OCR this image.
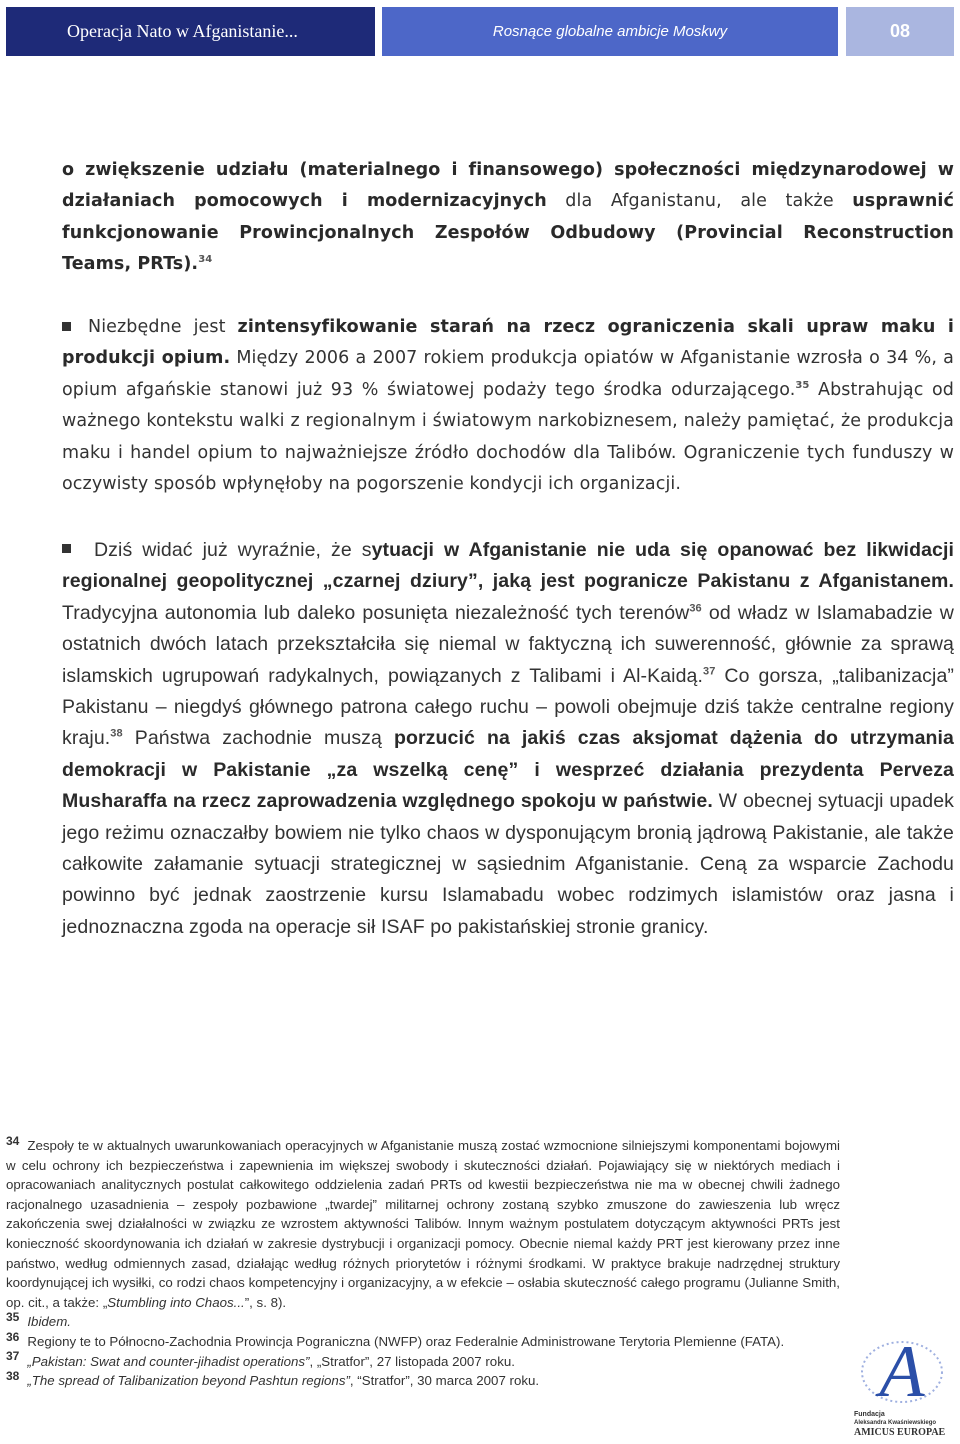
Operacja Nato w Afganistanie...	Rosnące globalne ambicje Moskwy	08

o zwiększenie udziału (materialnego i finansowego) społeczności międzynarodowej w działaniach pomocowych i modernizacyjnych dla Afganistanu, ale także usprawnić funkcjonowanie Prowincjonalnych Zespołów Odbudowy (Provincial Reconstruction Teams, PRTs).$^{34}$

Niezbędne jest zintensyfikowanie starań na rzecz ograniczenia skali upraw maku i produkcji opium. Między 2006 a 2007 rokiem produkcja opiatów w Afganistanie wzrosła o 34 %, a opium afgańskie stanowi już 93 % światowej podaży tego środka odurzającego.$^{35}$ Abstrahując od ważnego kontekstu walki z regionalnym i światowym narkobiznesem, należy pamiętać, że produkcja maku i handel opium to najważniejsze źródło dochodów dla Talibów. Ograniczenie tych funduszy w oczywisty sposób wpłynęłoby na pogorszenie kondycji ich organizacji.

Dziś widać już wyraźnie, że sytuacji w Afganistanie nie uda się opanować bez likwidacji regionalnej geopolitycznej „czarnej dziury”, jaką jest pogranicze Pakistanu z Afganistanem. Tradycyjna autonomia lub daleko posunięta niezależność tych terenów$^{36}$ od władz w Islamabadzie w ostatnich dwóch latach przekształciła się niemal w faktyczną ich suwerenność, głównie za sprawą islamskich ugrupowań radykalnych, powiązanych z Talibami i Al-Kaidą.$^{37}$ Co gorsza, „talibanizacja” Pakistanu – niegdyś głównego patrona całego ruchu – powoli obejmuje dziś także centralne regiony kraju.$^{38}$ Państwa zachodnie muszą porzucić na jakiś czas aksjomat dążenia do utrzymania demokracji w Pakistanie „za wszelką cenę” i wesprzeć działania prezydenta Perveza Musharaffa na rzecz zaprowadzenia względnego spokoju w państwie. W obecnej sytuacji upadek jego reżimu oznaczałby bowiem nie tylko chaos w dysponującym bronią jądrową Pakistanie, ale także całkowite załamanie sytuacji strategicznej w sąsiednim Afganistanie. Ceną za wsparcie Zachodu powinno być jednak zaostrzenie kursu Islamabadu wobec rodzimych islamistów oraz jasna i jednoznaczna zgoda na operacje sił ISAF po pakistańskiej stronie granicy.

34 Zespoły te w aktualnych uwarunkowaniach operacyjnych w Afganistanie muszą zostać wzmocnione silniejszymi komponentami bojowymi w celu ochrony ich bezpieczeństwa i zapewnienia im większej swobody i skuteczności działań. Pojawiający się w niektórych mediach i opracowaniach analitycznych postulat całkowitego oddzielenia zadań PRTs od kwestii bezpieczeństwa nie ma w obecnej chwili żadnego racjonalnego uzasadnienia – zespoły pozbawione „twardej” militarnej ochrony zostaną szybko zmuszone do zawieszenia lub wręcz zakończenia swej działalności w związku ze wzrostem aktywności Talibów. Innym ważnym postulatem dotyczącym aktywności PRTs jest konieczność skoordynowania ich działań w zakresie dystrybucji i organizacji pomocy. Obecnie niemal każdy PRT jest kierowany przez inne państwo, według odmiennych zasad, działając według różnych priorytetów i różnymi środkami. W praktyce brakuje nadrzędnej struktury koordynującej ich wysiłki, co rodzi chaos kompetencyjny i organizacyjny, a w efekcie – osłabia skuteczność całego programu (Julianne Smith, op. cit., a także: „Stumbling into Chaos...”, s. 8).

35 Ibidem.

36 Regiony te to Północno-Zachodnia Prowincja Pograniczna (NWFP) oraz Federalnie Administrowane Terytoria Plemienne (FATA).

37 „Pakistan: Swat and counter-jihadist operations”, „Stratfor”, 27 listopada 2007 roku.

38 „The spread of Talibanization beyond Pashtun regions”, “Stratfor”, 30 marca 2007 roku.	A
Fundacja
Aleksandra Kwaśniewskiego
AMICUS EUROPAE
